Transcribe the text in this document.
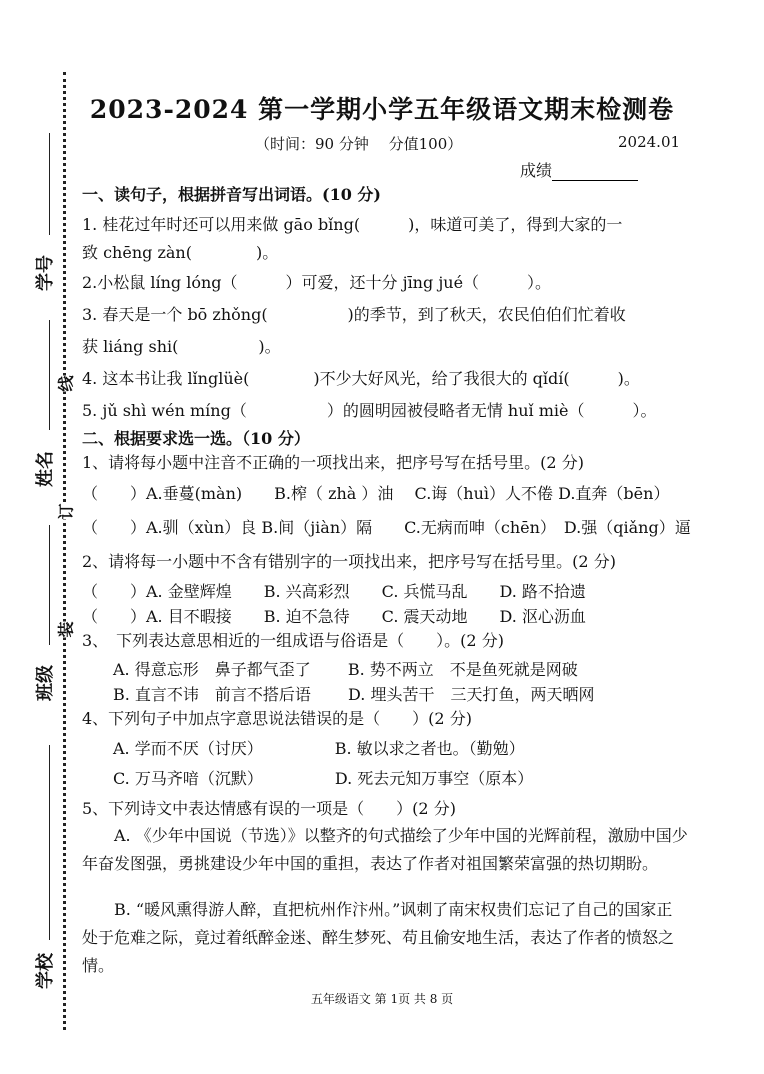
学号
姓名
班级
学校
线
订
装
2023-2024 第一学期小学五年级语文期末检测卷
（时间：90 分钟　 分值100）	2024.01
成绩
一、读句子，根据拼音写出词语。(10 分)
1. 桂花过年时还可以用来做 gāo bǐng(　　　)，味道可美了，得到大家的一
致 chēng zàn(　　　　)。
2.小松鼠 líng lóng（　　　）可爱，还十分 jīng jué（　　　）。
3. 春天是一个 bō zhǒng(　　　　　)的季节，到了秋天，农民伯伯们忙着收
获 liáng shi(　　　　　)。
4. 这本书让我 lǐnglüè(　　　　)不少大好风光，给了我很大的 qǐdí(　　　)。
5. jǔ shì wén míng（　　　　　）的圆明园被侵略者无情 huǐ miè（　　　）。
二、根据要求选一选。（10 分）
1、请将每小题中注音不正确的一项找出来，把序号写在括号里。(2 分)
（　　）A.垂蔓(màn)　　B.榨（ zhà ）油　 C.诲（huì）人不倦 D.直奔（bēn）
（　　）A.驯（xùn）良 B.间（jiàn）隔　　C.无病而呻（chēn）　D.强（qiǎng）逼
2、请将每一小题中不含有错别字的一项找出来，把序号写在括号里。(2 分)
（　　）A. 金壁辉煌　　B. 兴高彩烈　　C. 兵慌马乱　　D. 路不拾遗
（　　）A. 目不暇接　　B. 迫不急待　　C. 震天动地　　D. 沤心沥血
3、　下列表达意思相近的一组成语与俗语是（　　）。(2 分)
A. 得意忘形　鼻子都气歪了　　 B. 势不两立　不是鱼死就是网破
B. 直言不讳　前言不搭后语　　 D. 埋头苦干　三天打鱼，两天晒网
4、下列句子中加点字意思说法错误的是（　　）(2 分)
A. 学而不厌（讨厌）　　　　　B. 敏以求之者也。（勤勉）
C. 万马齐喑（沉默）　　　　　D. 死去元知万事空（原本）
5、下列诗文中表达情感有误的一项是（　　）(2 分)
A. 《少年中国说（节选）》以整齐的句式描绘了少年中国的光辉前程，激励中国少年奋发图强，勇挑建设少年中国的重担，表达了作者对祖国繁荣富强的热切期盼。
B. “暖风熏得游人醉，直把杭州作汴州。”讽刺了南宋权贵们忘记了自己的国家正处于危难之际，竟过着纸醉金迷、醉生梦死、苟且偷安地生活，表达了作者的愤怒之情。
五年级语文 第 1页 共 8 页
